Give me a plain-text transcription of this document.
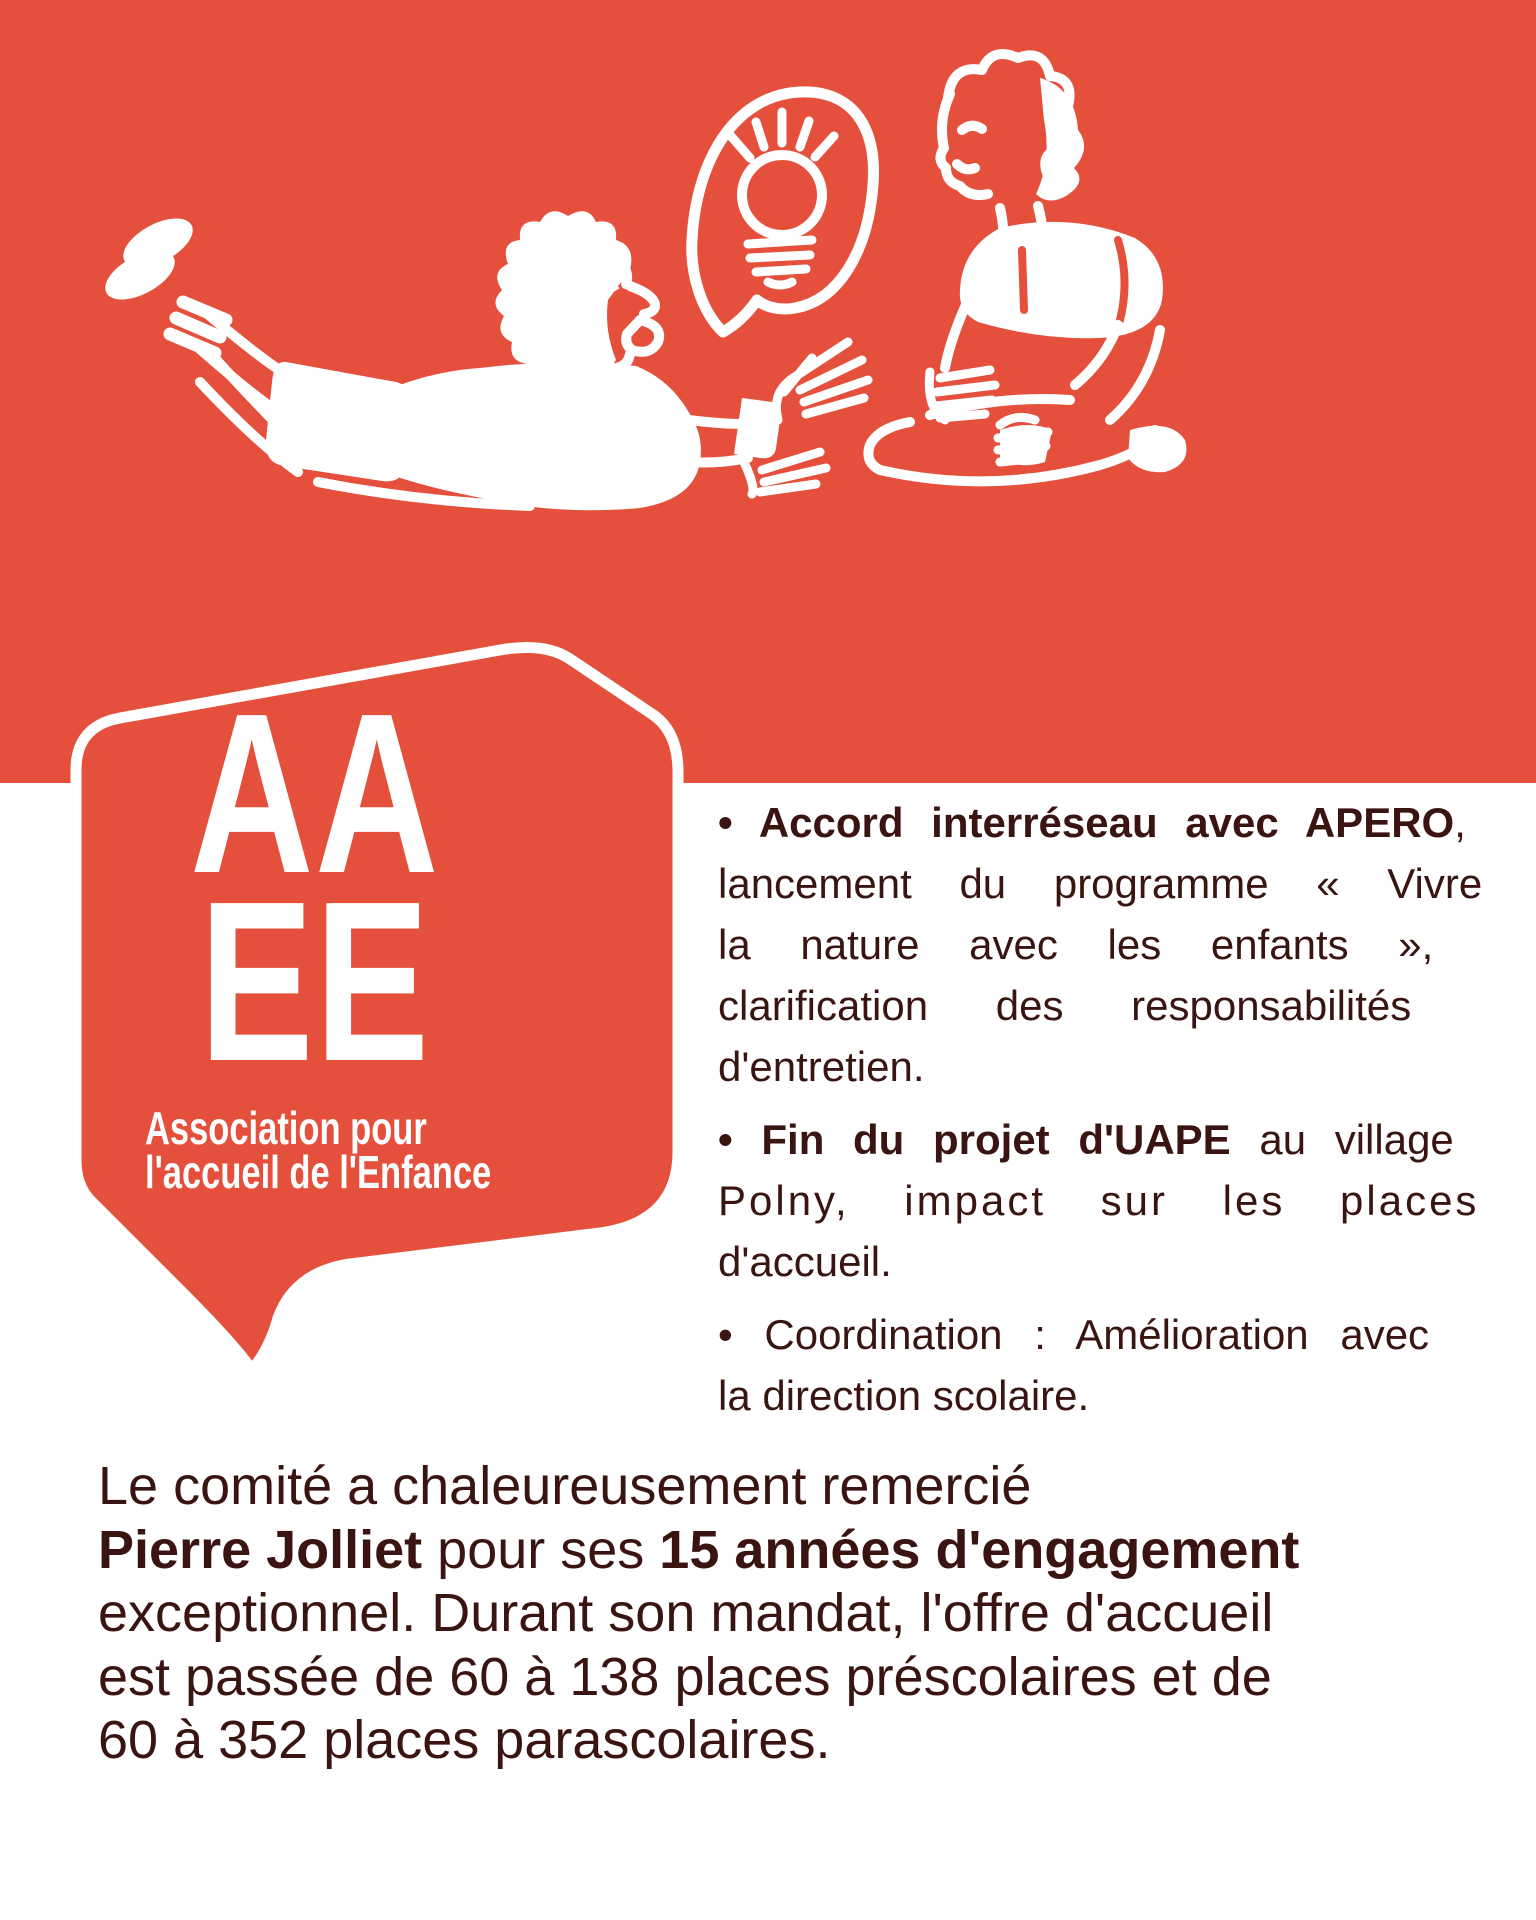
AA
EE
Association pour
l'accueil de l'Enfance
• Accord interréseau avec APERO,
lancement du programme « Vivre
la nature avec les enfants »,
clarification des responsabilités
d'entretien.
• Fin du projet d'UAPE au village
Polny, impact sur les places
d'accueil.
• Coordination : Amélioration avec
la direction scolaire.
Le comité a chaleureusement remercié
Pierre Jolliet pour ses 15 années d'engagement
exceptionnel. Durant son mandat, l'offre d'accueil
est passée de 60 à 138 places préscolaires et de
60 à 352 places parascolaires.
